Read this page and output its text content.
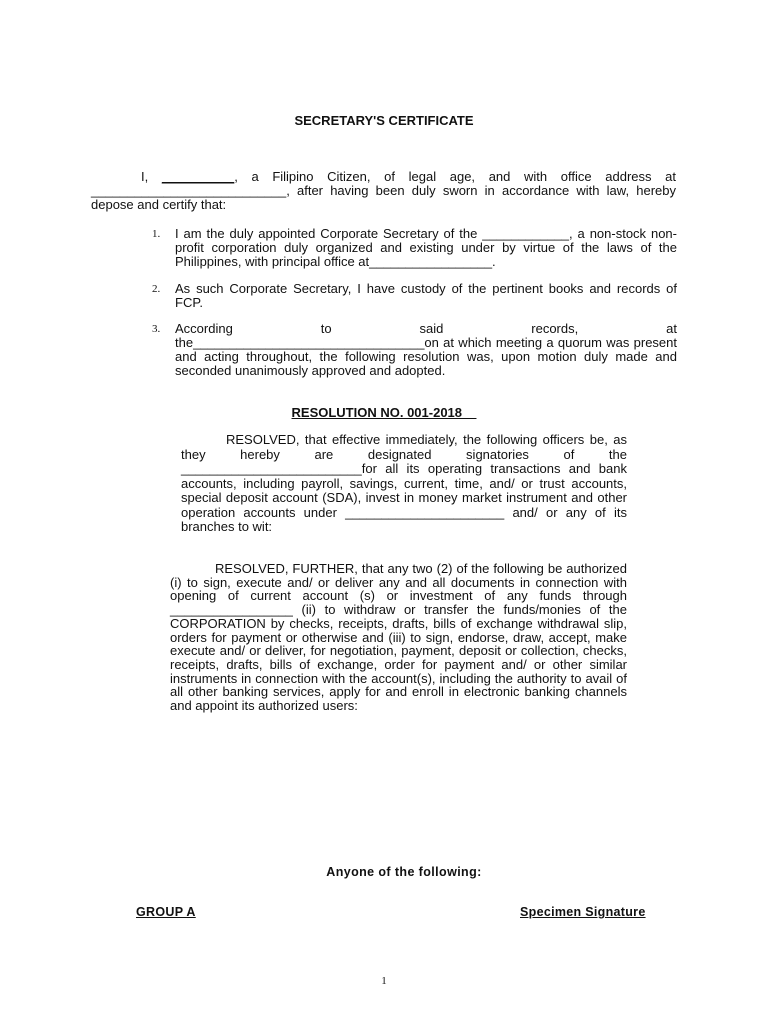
SECRETARY'S CERTIFICATE

I, __________, a Filipino Citizen, of legal age, and with office address at ___________________________, after having been duly sworn in accordance with law, hereby depose and certify that:

1. I am the duly appointed Corporate Secretary of the ____________, a non-stock non-profit corporation duly organized and existing under by virtue of the laws of the Philippines, with principal office at_________________.
2. As such Corporate Secretary, I have custody of the pertinent books and records of FCP.
3. According to said records, at
the________________________________on at which meeting a quorum was present and acting throughout, the following resolution was, upon motion duly made and seconded unanimously approved and adopted.
RESOLUTION NO. 001-2018

RESOLVED, that effective immediately, the following officers be, as they hereby are designated signatories of the _________________________for all its operating transactions and bank accounts, including payroll, savings, current, time, and/ or trust accounts, special deposit account (SDA), invest in money market instrument and other operation accounts under ______________________ and/ or any of its branches to wit:

RESOLVED, FURTHER, that any two (2) of the following be authorized (i) to sign, execute and/ or deliver any and all documents in connection with opening of current account (s) or investment of any funds through _________________ (ii) to withdraw or transfer the funds/monies of the CORPORATION by checks, receipts, drafts, bills of exchange withdrawal slip, orders for payment or otherwise and (iii) to sign, endorse, draw, accept, make execute and/ or deliver, for negotiation, payment, deposit or collection, checks, receipts, drafts, bills of exchange, order for payment and/ or other similar instruments in connection with the account(s), including the authority to avail of all other banking services, apply for and enroll in electronic banking channels and appoint its authorized users:

Anyone of the following:
GROUP A	Specimen Signature
1
